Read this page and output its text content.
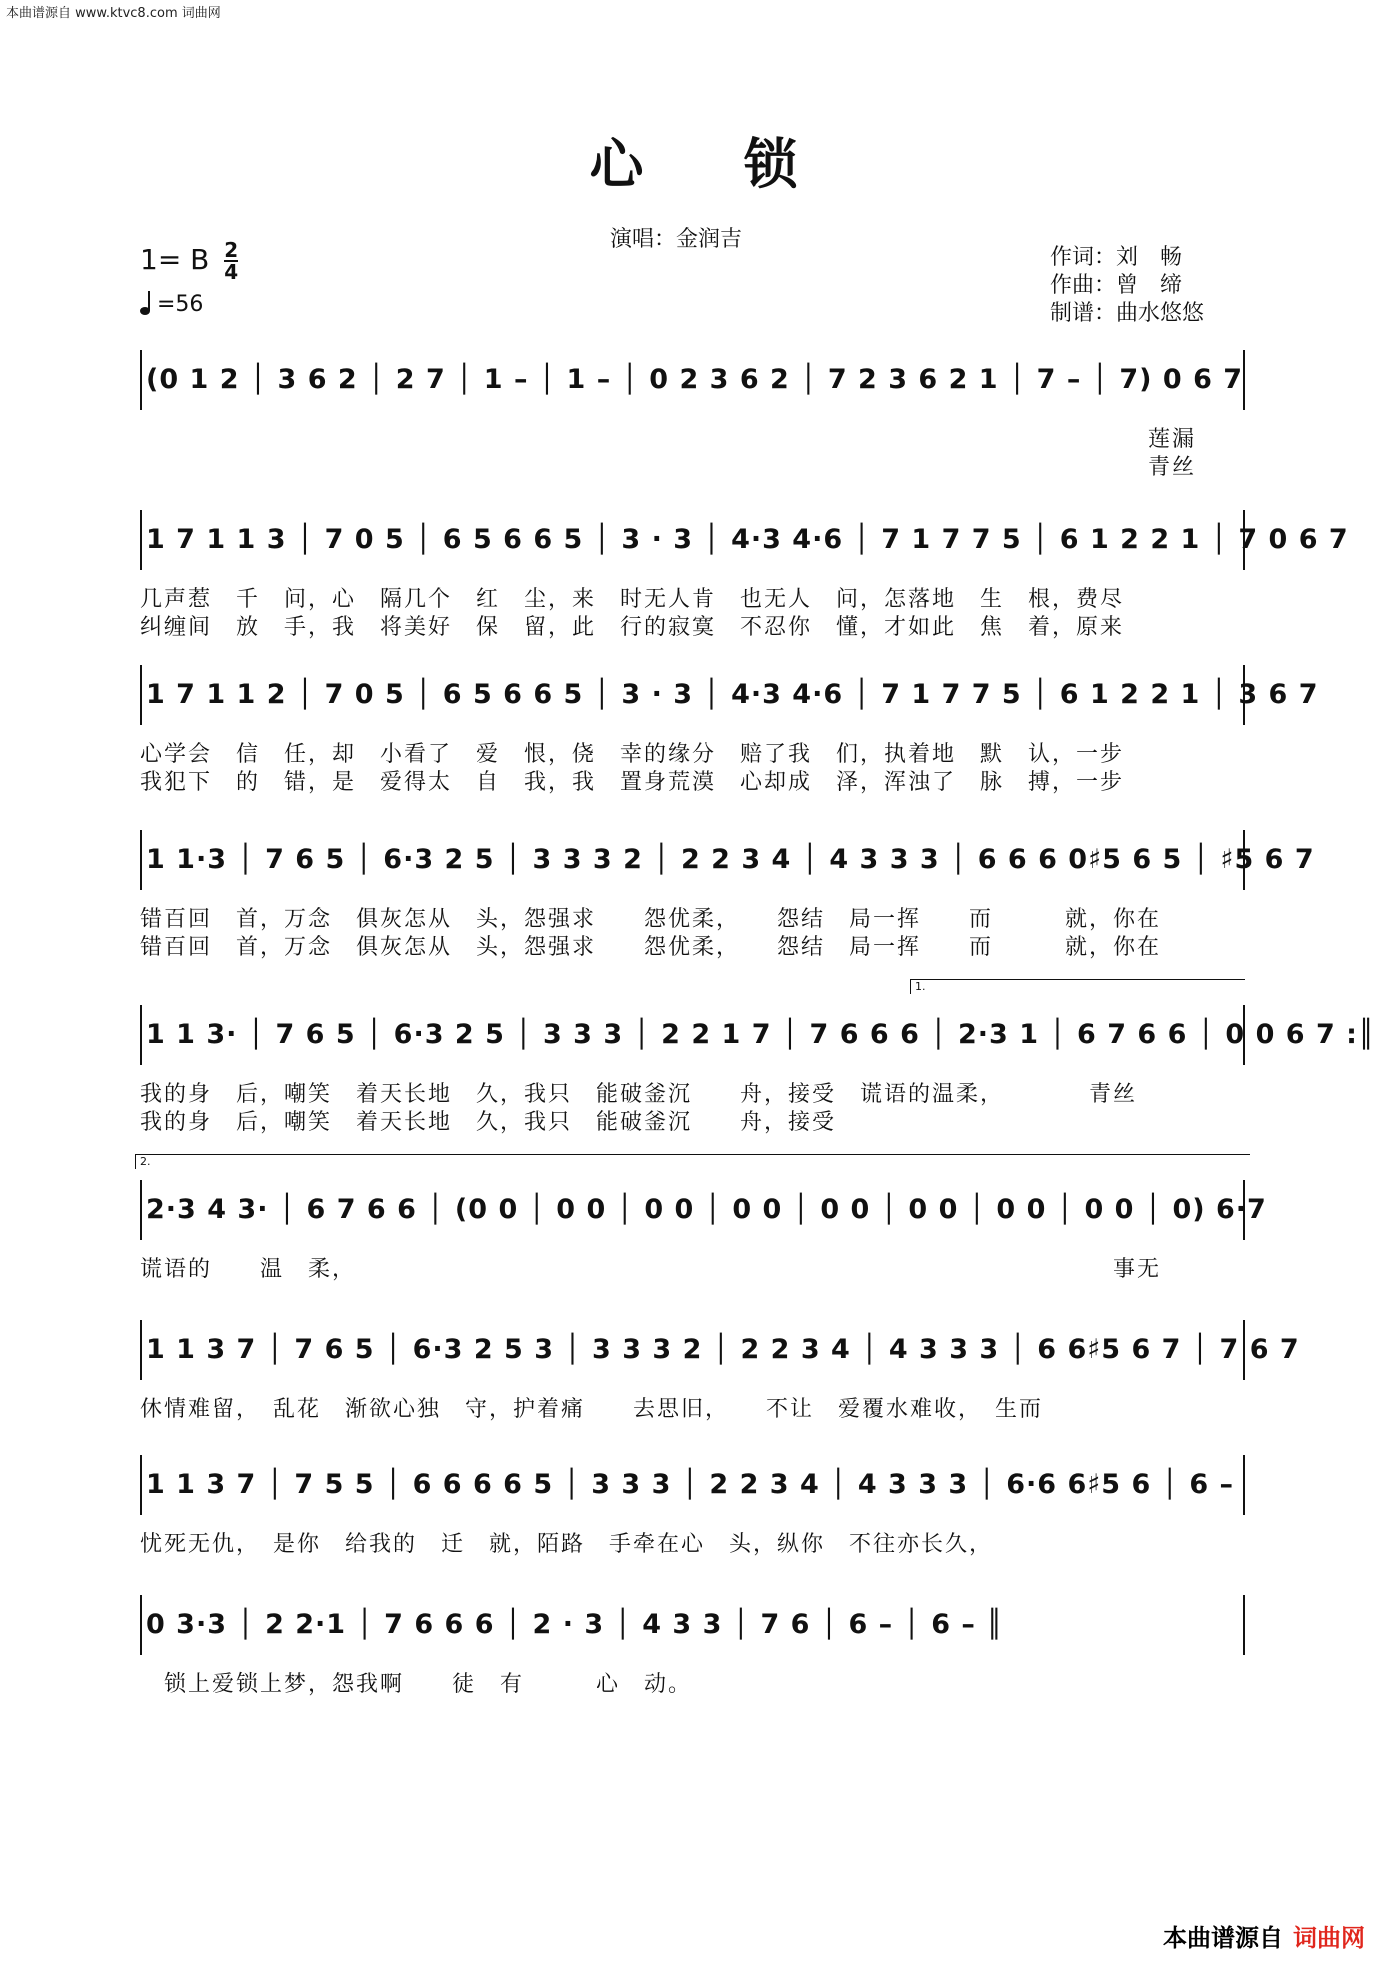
本曲谱源自 www.ktvc8.com 词曲网
心锁
演唱：金润吉
作词：刘　畅
作曲：曾　缔
制谱：曲水悠悠
1= B $\frac{2}{4}$
=56
(0 1 2 │ 3 6 2 │ 2 7 │ 1 – │ 1 – │ 0 2 3 6 2 │ 7 2 3 6 2 1 │ 7 – │ 7) 0 6 7
　　　　　　　　　　　　　　　　　　　　　　　　　　　　　　　　　　　　　　　　　　莲漏
　　　　　　　　　　　　　　　　　　　　　　　　　　　　　　　　　　　　　　　　　　青丝
1 7 1 1 3 │ 7 0 5 │ 6 5 6 6 5 │ 3 · 3 │ 4·3 4·6 │ 7 1 7 7 5 │ 6 1 2 2 1 │ 7 0 6 7
几声惹　千　问，心　隔几个　红　尘，来　时无人肯　也无人　问，怎落地　生　根，费尽
纠缠间　放　手，我　将美好　保　留，此　行的寂寞　不忍你　懂，才如此　焦　着，原来
1 7 1 1 2 │ 7 0 5 │ 6 5 6 6 5 │ 3 · 3 │ 4·3 4·6 │ 7 1 7 7 5 │ 6 1 2 2 1 │ 3 6 7
心学会　信　任，却　小看了　爱　恨，侥　幸的缘分　赔了我　们，执着地　默　认，一步
我犯下　的　错，是　爱得太　自　我，我　置身荒漠　心却成　泽，浑浊了　脉　搏，一步
1 1·3 │ 7 6 5 │ 6·3 2 5 │ 3 3 3 2 │ 2 2 3 4 │ 4 3 3 3 │ 6 6 6 0♯5 6 5 │ ♯5 6 7
错百回　首，万念　俱灰怎从　头，怨强求　　怨优柔，　　怨结　局一挥　　而　　　就，你在
错百回　首，万念　俱灰怎从　头，怨强求　　怨优柔，　　怨结　局一挥　　而　　　就，你在
1.
1 1 3· │ 7 6 5 │ 6·3 2 5 │ 3 3 3 │ 2 2 1 7 │ 7 6 6 6 │ 2·3 1 │ 6 7 6 6 │ 0 0 6 7 :║
我的身　后，嘲笑　着天长地　久，我只　能破釜沉　　舟，接受　谎语的温柔，　　　　青丝
我的身　后，嘲笑　着天长地　久，我只　能破釜沉　　舟，接受
2.
2·3 4 3· │ 6 7 6 6 │ (0 0 │ 0 0 │ 0 0 │ 0 0 │ 0 0 │ 0 0 │ 0 0 │ 0 0 │ 0) 6·7
谎语的　　温　柔，　　　　　　　　　　　　　　　　　　　　　　　　　　　　　　　　事无
1 1 3 7 │ 7 6 5 │ 6·3 2 5 3 │ 3 3 3 2 │ 2 2 3 4 │ 4 3 3 3 │ 6 6♯5 6 7 │ 7 6 7
休情难留，　乱花　渐欲心独　守，护着痛　　去思旧，　　不让　爱覆水难收，　生而
1 1 3 7 │ 7 5 5 │ 6 6 6 6 5 │ 3 3 3 │ 2 2 3 4 │ 4 3 3 3 │ 6·6 6♯5 6 │ 6 –
忧死无仇，　是你　给我的　迁　就，陌路　手牵在心　头，纵你　不往亦长久，
0 3·3 │ 2 2·1 │ 7 6 6 6 │ 2 · 3 │ 4 3 3 │ 7 6 │ 6 – │ 6 – ║
　锁上爱锁上梦，怨我啊　　徒　有　　　心　动。
本曲谱源自 词曲网
